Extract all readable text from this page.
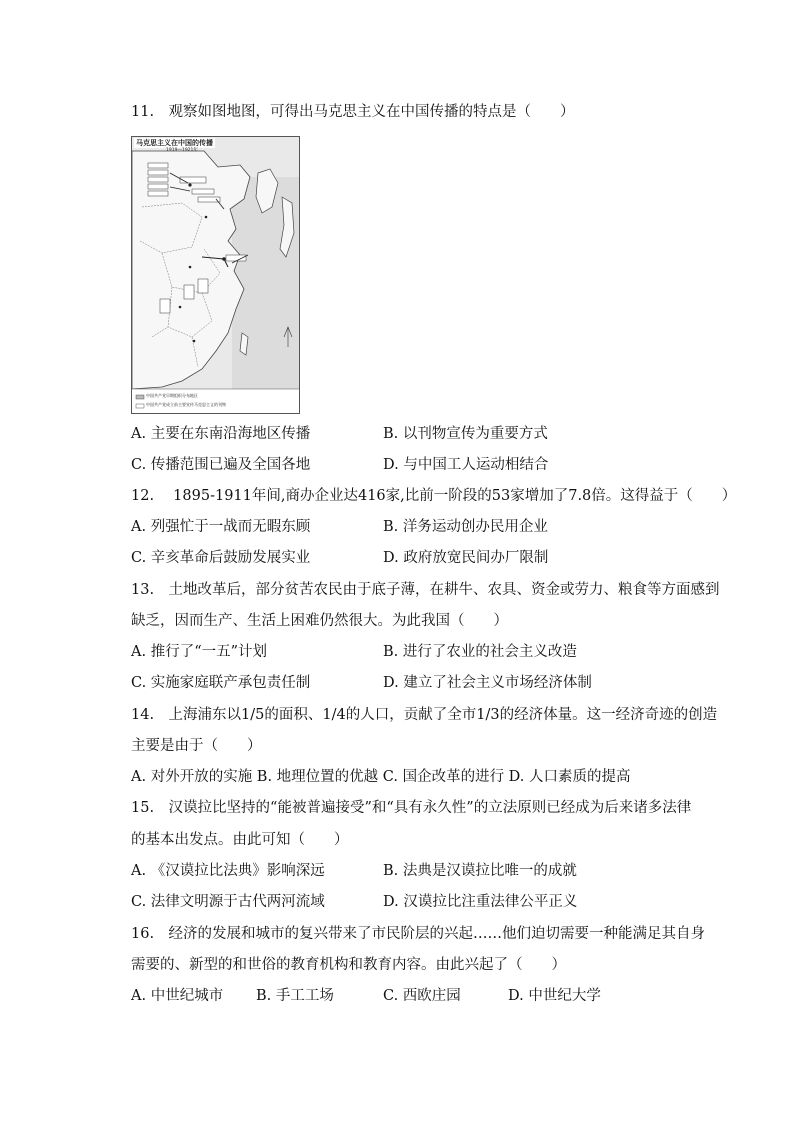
11.　观察如图地图，可得出马克思主义在中国传播的特点是（　　）
马克思主义在中国的传播
1919—1921年
中国共产党早期组织分布地区
中国共产党成立前主要宣传马克思主义的刊物
A. 主要在东南沿海地区传播	B. 以刊物宣传为重要方式
C. 传播范围已遍及全国各地	D. 与中国工人运动相结合
12.　 1895-1911年间,商办企业达416家,比前一阶段的53家增加了7.8倍。这得益于（　　）
A. 列强忙于一战而无暇东顾	B. 洋务运动创办民用企业
C. 辛亥革命后鼓励发展实业	D. 政府放宽民间办厂限制
13.　土地改革后，部分贫苦农民由于底子薄，在耕牛、农具、资金或劳力、粮食等方面感到
缺乏，因而生产、生活上困难仍然很大。为此我国（　　）
A. 推行了“一五”计划	B. 进行了农业的社会主义改造
C. 实施家庭联产承包责任制	D. 建立了社会主义市场经济体制
14.　上海浦东以1/5的面积、1/4的人口，贡献了全市1/3的经济体量。这一经济奇迹的创造
主要是由于（　　）
A. 对外开放的实施 B. 地理位置的优越 C. 国企改革的进行 D. 人口素质的提高
15.　汉谟拉比坚持的“能被普遍接受”和“具有永久性”的立法原则已经成为后来诸多法律
的基本出发点。由此可知（　　）
A. 《汉谟拉比法典》影响深远	B. 法典是汉谟拉比唯一的成就
C. 法律文明源于古代两河流域	D. 汉谟拉比注重法律公平正义
16.　经济的发展和城市的复兴带来了市民阶层的兴起……他们迫切需要一种能满足其自身
需要的、新型的和世俗的教育机构和教育内容。由此兴起了（　　）
A. 中世纪城市 B. 手工工场	C. 西欧庄园	D. 中世纪大学
